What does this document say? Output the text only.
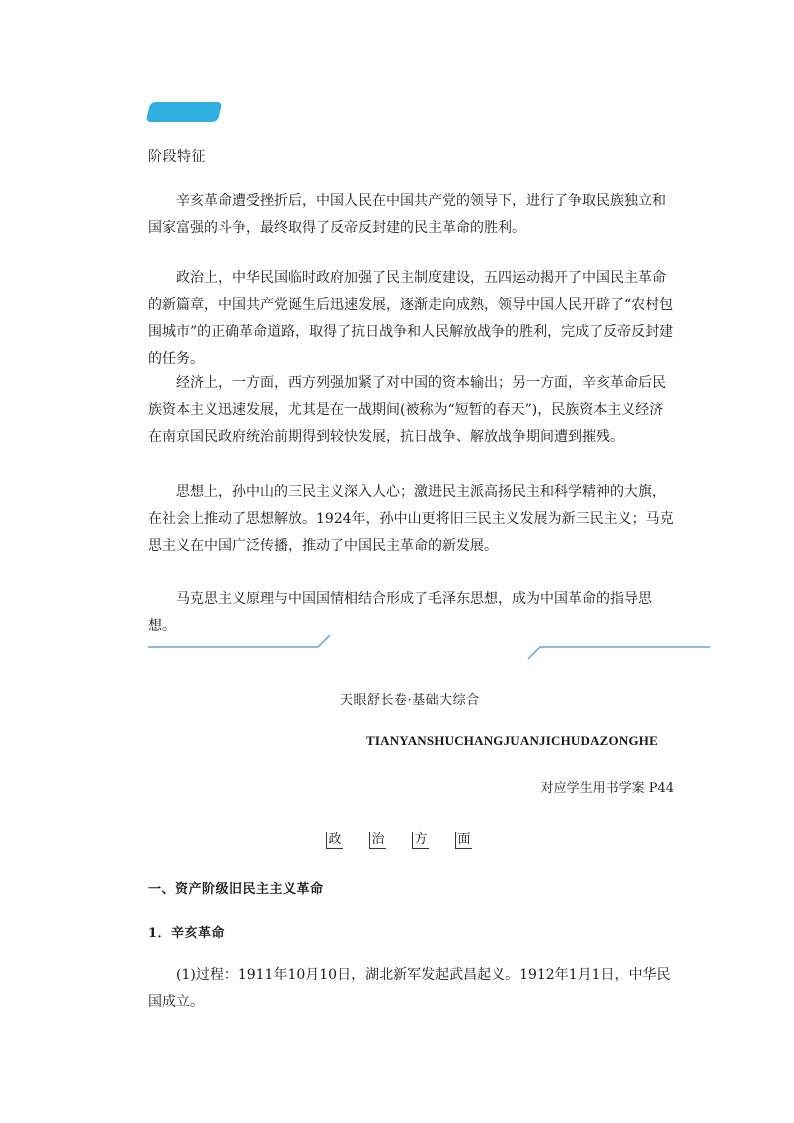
阶段特征

辛亥革命遭受挫折后，中国人民在中国共产党的领导下，进行了争取民族独立和国家富强的斗争，最终取得了反帝反封建的民主革命的胜利。

政治上，中华民国临时政府加强了民主制度建设，五四运动揭开了中国民主革命的新篇章，中国共产党诞生后迅速发展，逐渐走向成熟，领导中国人民开辟了“农村包围城市”的正确革命道路，取得了抗日战争和人民解放战争的胜利，完成了反帝反封建的任务。

经济上，一方面，西方列强加紧了对中国的资本输出；另一方面，辛亥革命后民族资本主义迅速发展，尤其是在一战期间(被称为“短暂的春天”)，民族资本主义经济在南京国民政府统治前期得到较快发展，抗日战争、解放战争期间遭到摧残。

思想上，孙中山的三民主义深入人心；激进民主派高扬民主和科学精神的大旗，在社会上推动了思想解放。1924年，孙中山更将旧三民主义发展为新三民主义；马克思主义在中国广泛传播，推动了中国民主革命的新发展。

马克思主义原理与中国国情相结合形成了毛泽东思想，成为中国革命的指导思想。

天眼舒长卷·基础大综合
TIANYANSHUCHANGJUANJICHUDAZONGHE
对应学生用书学案 P44
政 治 方 面
一、资产阶级旧民主主义革命
1．辛亥革命

(1)过程：1911年10月10日，湖北新军发起武昌起义。1912年1月1日，中华民国成立。
